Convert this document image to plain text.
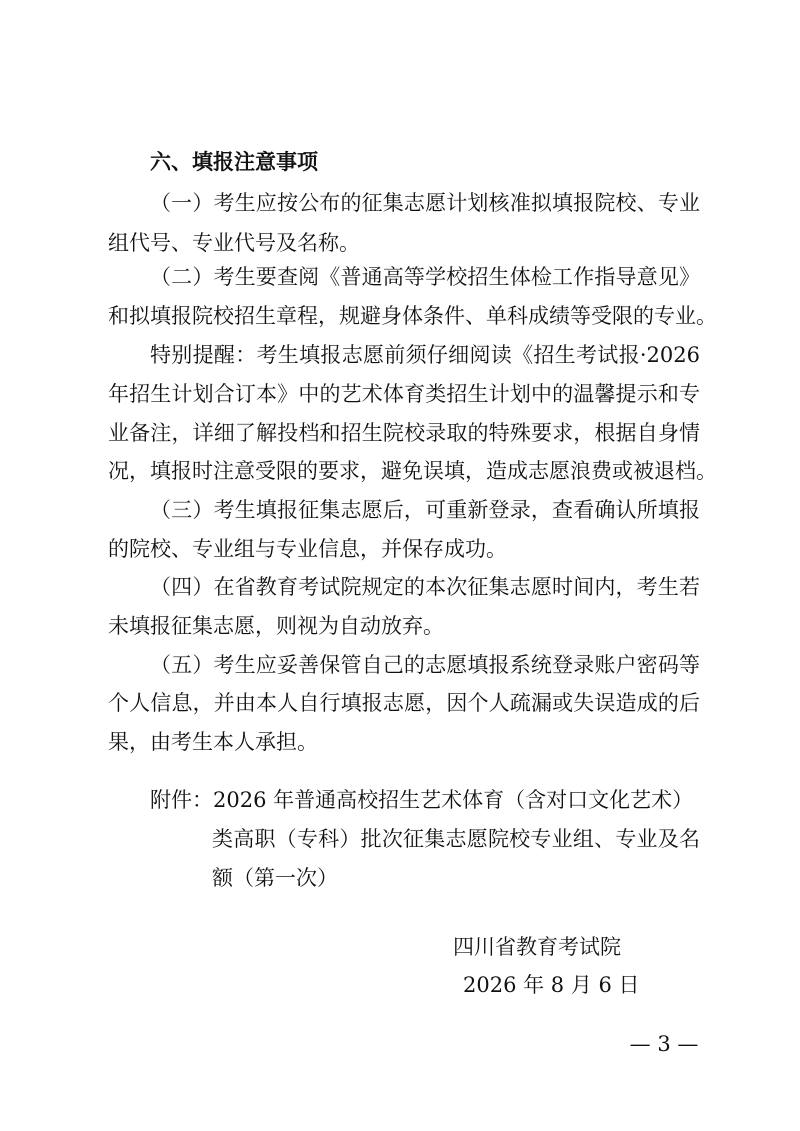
六、填报注意事项
（一）考生应按公布的征集志愿计划核准拟填报院校、专业
组代号、专业代号及名称。
（二）考生要查阅《普通高等学校招生体检工作指导意见》
和拟填报院校招生章程，规避身体条件、单科成绩等受限的专业。
特别提醒：考生填报志愿前须仔细阅读《招生考试报·2026
年招生计划合订本》中的艺术体育类招生计划中的温馨提示和专
业备注，详细了解投档和招生院校录取的特殊要求，根据自身情
况，填报时注意受限的要求，避免误填，造成志愿浪费或被退档。
（三）考生填报征集志愿后，可重新登录，查看确认所填报
的院校、专业组与专业信息，并保存成功。
（四）在省教育考试院规定的本次征集志愿时间内，考生若
未填报征集志愿，则视为自动放弃。
（五）考生应妥善保管自己的志愿填报系统登录账户密码等
个人信息，并由本人自行填报志愿，因个人疏漏或失误造成的后
果，由考生本人承担。
附件：2026 年普通高校招生艺术体育（含对口文化艺术）
类高职（专科）批次征集志愿院校专业组、专业及名
额（第一次）
四川省教育考试院
2026 年 8 月 6 日
— 3 —
